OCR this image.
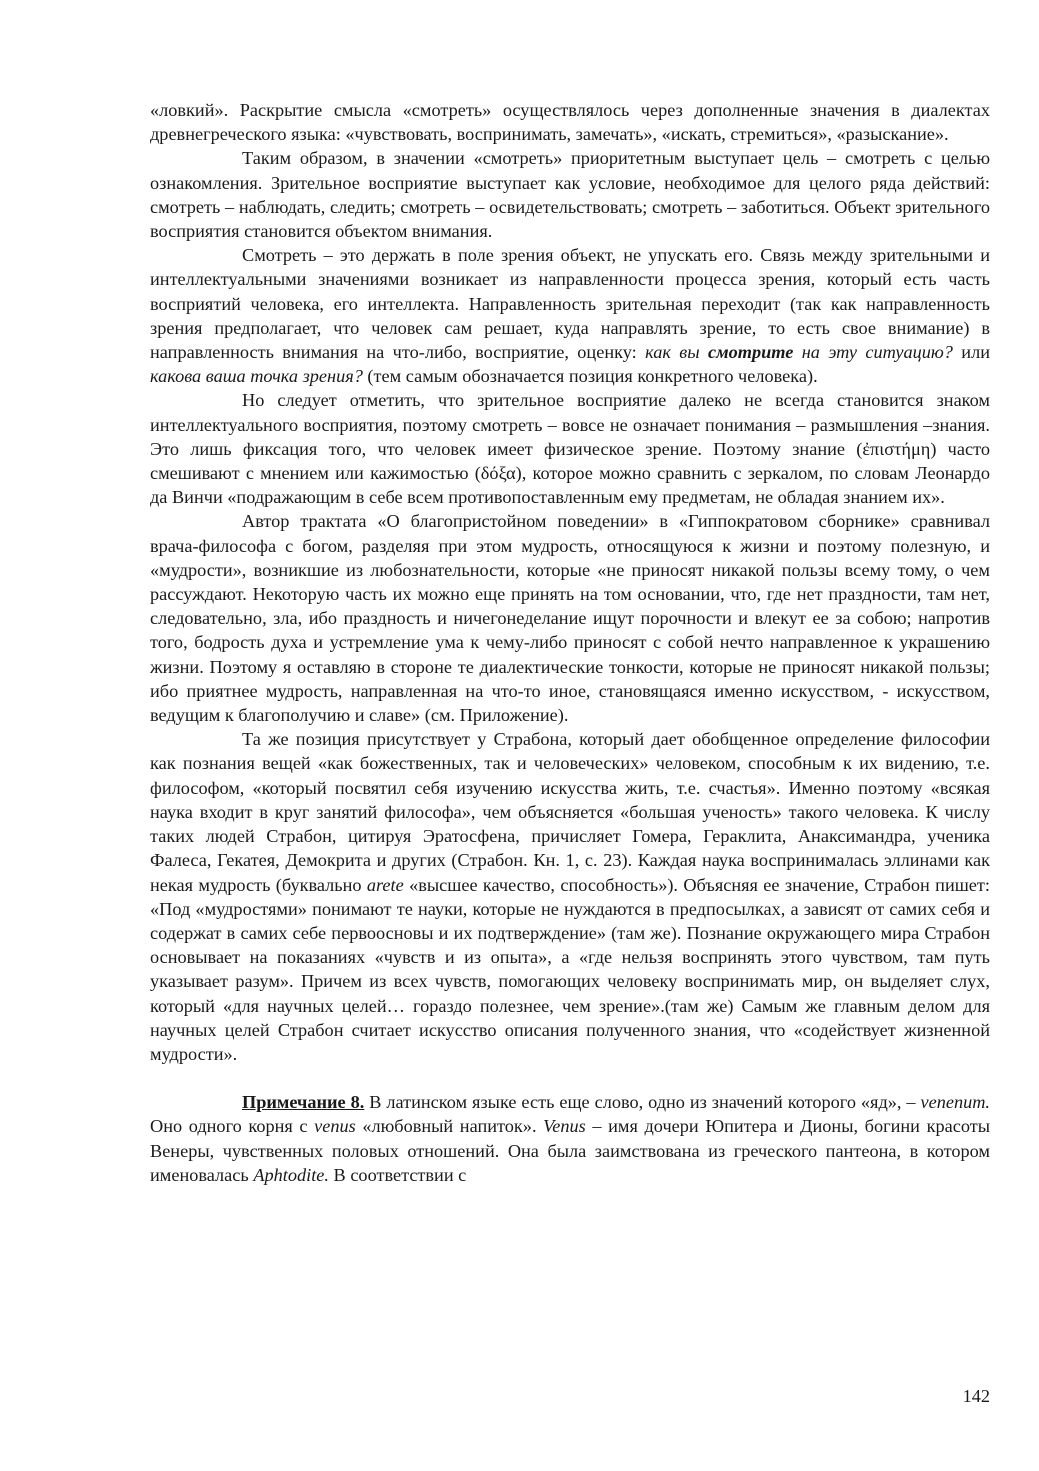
«ловкий». Раскрытие смысла «смотреть» осуществлялось через дополненные значения в диалектах древнегреческого языка: «чувствовать, воспринимать, замечать», «искать, стремиться», «разыскание».

Таким образом, в значении «смотреть» приоритетным выступает цель – смотреть с целью ознакомления. Зрительное восприятие выступает как условие, необходимое для целого ряда действий: смотреть – наблюдать, следить; смотреть – освидетельствовать; смотреть – заботиться. Объект зрительного восприятия становится объектом внимания.

Смотреть – это держать в поле зрения объект, не упускать его. Связь между зрительными и интеллектуальными значениями возникает из направленности процесса зрения, который есть часть восприятий человека, его интеллекта. Направленность зрительная переходит (так как направленность зрения предполагает, что человек сам решает, куда направлять зрение, то есть свое внимание) в направленность внимания на что-либо, восприятие, оценку: как вы смотрите на эту ситуацию? или какова ваша точка зрения? (тем самым обозначается позиция конкретного человека).

Но следует отметить, что зрительное восприятие далеко не всегда становится знаком интеллектуального восприятия, поэтому смотреть – вовсе не означает понимания – размышления –знания. Это лишь фиксация того, что человек имеет физическое зрение. Поэтому знание (ἐπιστήμη) часто смешивают с мнением или кажимостью (δόξα), которое можно сравнить с зеркалом, по словам Леонардо да Винчи «подражающим в себе всем противопоставленным ему предметам, не обладая знанием их».

Автор трактата «О благопристойном поведении» в «Гиппократовом сборнике» сравнивал врача-философа с богом, разделяя при этом мудрость, относящуюся к жизни и поэтому полезную, и «мудрости», возникшие из любознательности, которые «не приносят никакой пользы всему тому, о чем рассуждают. Некоторую часть их можно еще принять на том основании, что, где нет праздности, там нет, следовательно, зла, ибо праздность и ничегонеделание ищут порочности и влекут ее за собою; напротив того, бодрость духа и устремление ума к чему-либо приносят с собой нечто направленное к украшению жизни. Поэтому я оставляю в стороне те диалектические тонкости, которые не приносят никакой пользы; ибо приятнее мудрость, направленная на что-то иное, становящаяся именно искусством, - искусством, ведущим к благополучию и славе» (см. Приложение).

Та же позиция присутствует у Страбона, который дает обобщенное определение философии как познания вещей «как божественных, так и человеческих» человеком, способным к их видению, т.е. философом, «который посвятил себя изучению искусства жить, т.е. счастья». Именно поэтому «всякая наука входит в круг занятий философа», чем объясняется «большая ученость» такого человека. К числу таких людей Страбон, цитируя Эратосфена, причисляет Гомера, Гераклита, Анаксимандра, ученика Фалеса, Гекатея, Демокрита и других (Страбон. Кн. 1, с. 23). Каждая наука воспринималась эллинами как некая мудрость (буквально arete «высшее качество, способность»). Объясняя ее значение, Страбон пишет: «Под «мудростями» понимают те науки, которые не нуждаются в предпосылках, а зависят от самих себя и содержат в самих себе первоосновы и их подтверждение» (там же). Познание окружающего мира Страбон основывает на показаниях «чувств и из опыта», а «где нельзя воспринять этого чувством, там путь указывает разум». Причем из всех чувств, помогающих человеку воспринимать мир, он выделяет слух, который «для научных целей… гораздо полезнее, чем зрение».(там же) Самым же главным делом для научных целей Страбон считает искусство описания полученного знания, что «содействует жизненной мудрости».

Примечание 8. В латинском языке есть еще слово, одно из значений которого «яд», – venenum. Оно одного корня с venus «любовный напиток». Venus – имя дочери Юпитера и Дионы, богини красоты Венеры, чувственных половых отношений. Она была заимствована из греческого пантеона, в котором именовалась Aphtodite. В соответствии с

142
